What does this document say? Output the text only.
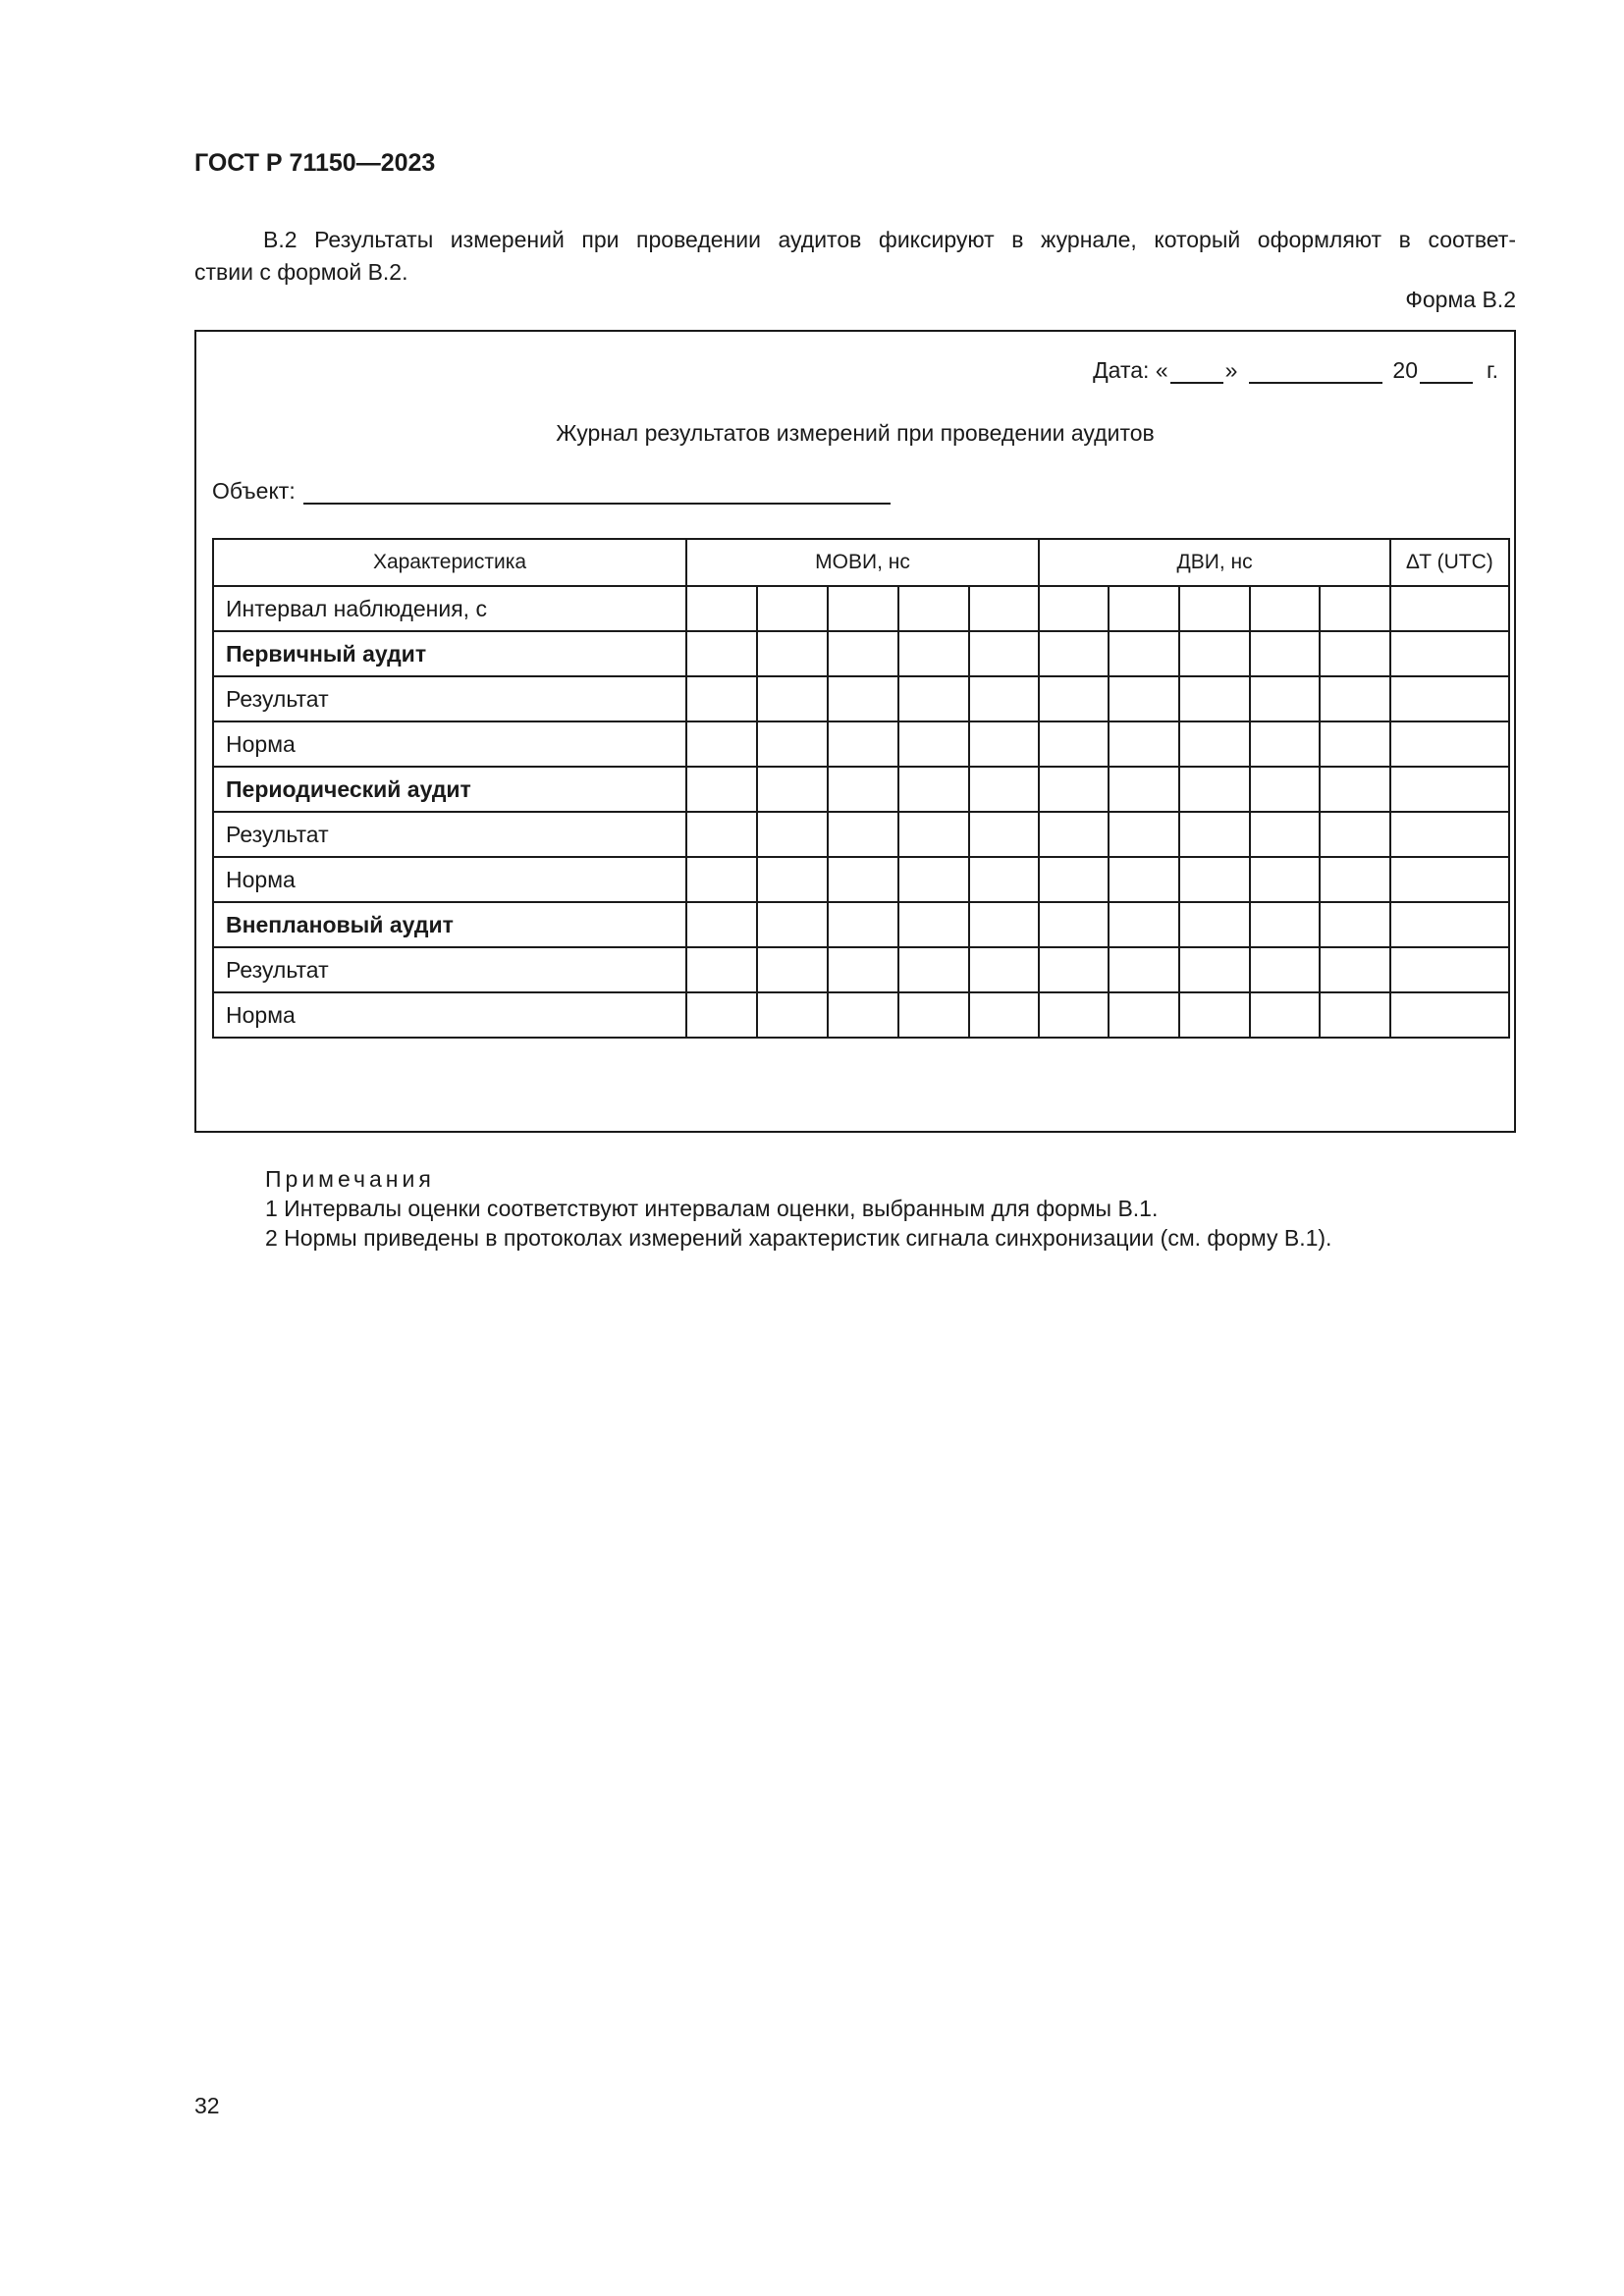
ГОСТ Р 71150—2023
В.2 Результаты измерений при проведении аудитов фиксируют в журнале, который оформляют в соответ-
ствии с формой В.2.
Форма В.2
Дата: «	»	20	г.
Журнал результатов измерений при проведении аудитов
Объект:
Характеристика	МОВИ, нс					ДВИ, нс					∆T (UTC)
Интервал наблюдения, с											
Первичный аудит											
Результат											
Норма											
Периодический аудит											
Результат											
Норма											
Внеплановый аудит											
Результат											
Норма											
Примечания
1 Интервалы оценки соответствуют интервалам оценки, выбранным для формы В.1.
2 Нормы приведены в протоколах измерений характеристик сигнала синхронизации (см. форму В.1).
32
